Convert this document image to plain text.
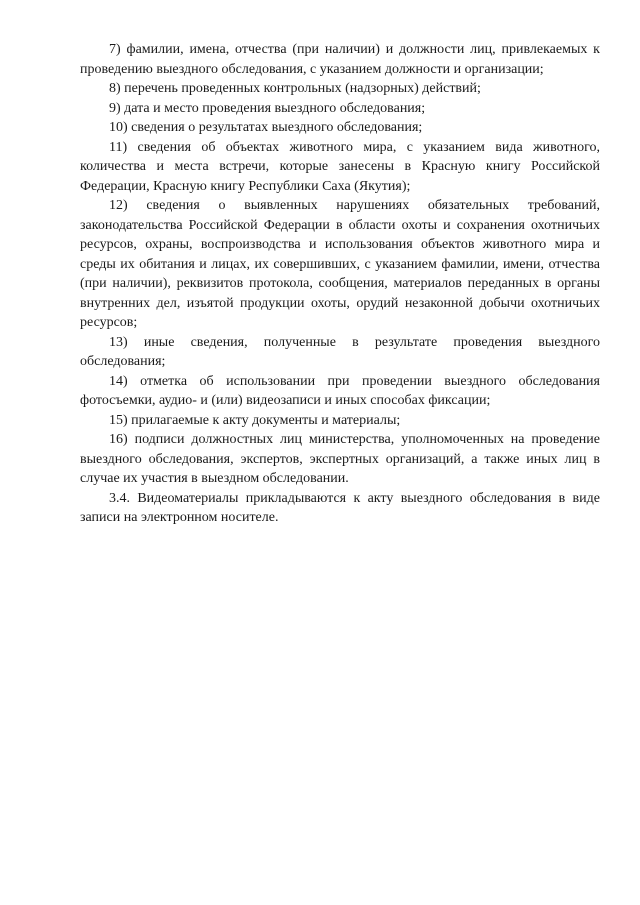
7) фамилии, имена, отчества (при наличии) и должности лиц, привлекаемых к проведению выездного обследования, с указанием должности и организации;

8) перечень проведенных контрольных (надзорных) действий;

9) дата и место проведения выездного обследования;

10) сведения о результатах выездного обследования;

11) сведения об объектах животного мира, с указанием вида животного, количества и места встречи, которые занесены в Красную книгу Российской Федерации, Красную книгу Республики Саха (Якутия);

12) сведения о выявленных нарушениях обязательных требований, законодательства Российской Федерации в области охоты и сохранения охотничьих ресурсов, охраны, воспроизводства и использования объектов животного мира и среды их обитания и лицах, их совершивших, с указанием фамилии, имени, отчества (при наличии), реквизитов протокола, сообщения, материалов переданных в органы внутренних дел, изъятой продукции охоты, орудий незаконной добычи охотничьих ресурсов;

13) иные сведения, полученные в результате проведения выездного обследования;

14) отметка об использовании при проведении выездного обследования фотосъемки, аудио- и (или) видеозаписи и иных способах фиксации;

15) прилагаемые к акту документы и материалы;

16) подписи должностных лиц министерства, уполномоченных на проведение выездного обследования, экспертов, экспертных организаций, а также иных лиц в случае их участия в выездном обследовании.

3.4. Видеоматериалы прикладываются к акту выездного обследования в виде записи на электронном носителе.
